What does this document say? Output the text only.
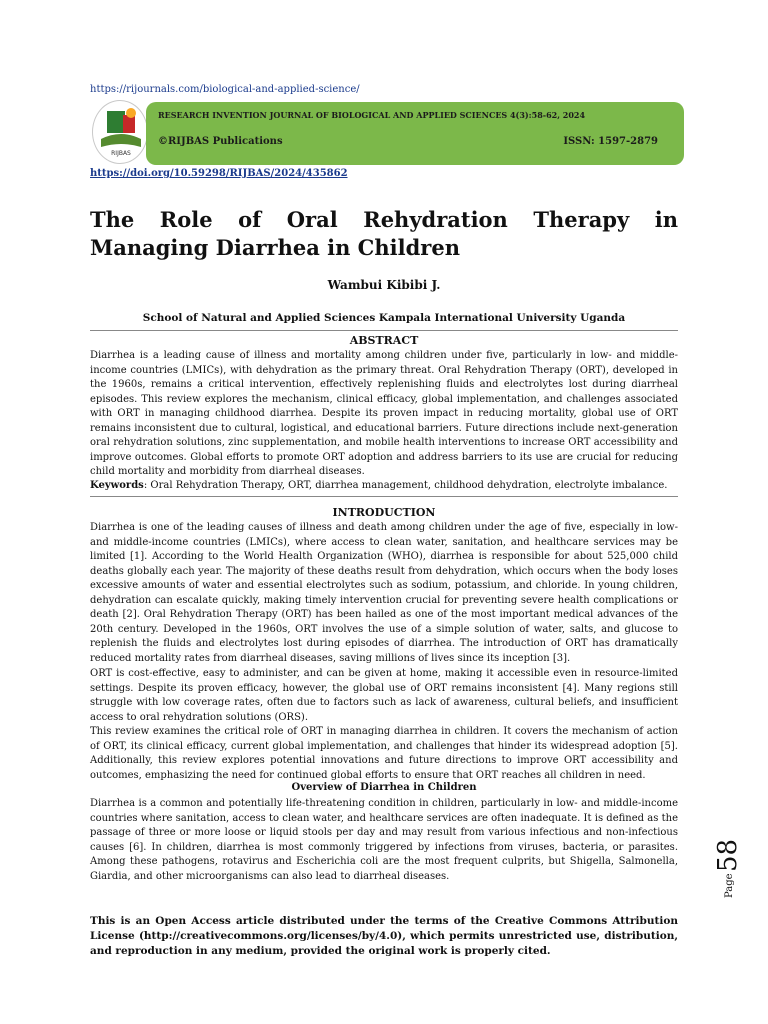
https://rijournals.com/biological-and-applied-science/
RIJBAS
RESEARCH INVENTION JOURNAL OF BIOLOGICAL AND APPLIED SCIENCES 4(3):58-62, 2024
©RIJBAS Publications	ISSN: 1597-2879
https://doi.org/10.59298/RIJBAS/2024/435862
The Role of Oral Rehydration Therapy in Managing Diarrhea in Children
Wambui Kibibi J.
School of Natural and Applied Sciences Kampala International University Uganda
ABSTRACT

Diarrhea is a leading cause of illness and mortality among children under five, particularly in low- and middle-income countries (LMICs), with dehydration as the primary threat. Oral Rehydration Therapy (ORT), developed in the 1960s, remains a critical intervention, effectively replenishing fluids and electrolytes lost during diarrheal episodes. This review explores the mechanism, clinical efficacy, global implementation, and challenges associated with ORT in managing childhood diarrhea. Despite its proven impact in reducing mortality, global use of ORT remains inconsistent due to cultural, logistical, and educational barriers. Future directions include next-generation oral rehydration solutions, zinc supplementation, and mobile health interventions to increase ORT accessibility and improve outcomes. Global efforts to promote ORT adoption and address barriers to its use are crucial for reducing child mortality and morbidity from diarrheal diseases.

Keywords: Oral Rehydration Therapy, ORT, diarrhea management, childhood dehydration, electrolyte imbalance.

INTRODUCTION

Diarrhea is one of the leading causes of illness and death among children under the age of five, especially in low- and middle-income countries (LMICs), where access to clean water, sanitation, and healthcare services may be limited [1]. According to the World Health Organization (WHO), diarrhea is responsible for about 525,000 child deaths globally each year. The majority of these deaths result from dehydration, which occurs when the body loses excessive amounts of water and essential electrolytes such as sodium, potassium, and chloride. In young children, dehydration can escalate quickly, making timely intervention crucial for preventing severe health complications or death [2]. Oral Rehydration Therapy (ORT) has been hailed as one of the most important medical advances of the 20th century. Developed in the 1960s, ORT involves the use of a simple solution of water, salts, and glucose to replenish the fluids and electrolytes lost during episodes of diarrhea. The introduction of ORT has dramatically reduced mortality rates from diarrheal diseases, saving millions of lives since its inception [3].

ORT is cost-effective, easy to administer, and can be given at home, making it accessible even in resource-limited settings. Despite its proven efficacy, however, the global use of ORT remains inconsistent [4]. Many regions still struggle with low coverage rates, often due to factors such as lack of awareness, cultural beliefs, and insufficient access to oral rehydration solutions (ORS).

This review examines the critical role of ORT in managing diarrhea in children. It covers the mechanism of action of ORT, its clinical efficacy, current global implementation, and challenges that hinder its widespread adoption [5]. Additionally, this review explores potential innovations and future directions to improve ORT accessibility and outcomes, emphasizing the need for continued global efforts to ensure that ORT reaches all children in need.

Overview of Diarrhea in Children

Diarrhea is a common and potentially life-threatening condition in children, particularly in low- and middle-income countries where sanitation, access to clean water, and healthcare services are often inadequate. It is defined as the passage of three or more loose or liquid stools per day and may result from various infectious and non-infectious causes [6]. In children, diarrhea is most commonly triggered by infections from viruses, bacteria, or parasites. Among these pathogens, rotavirus and Escherichia coli are the most frequent culprits, but Shigella, Salmonella, Giardia, and other microorganisms can also lead to diarrheal diseases.

This is an Open Access article distributed under the terms of the Creative Commons Attribution License (http://creativecommons.org/licenses/by/4.0), which permits unrestricted use, distribution, and reproduction in any medium, provided the original work is properly cited.

Page
58
